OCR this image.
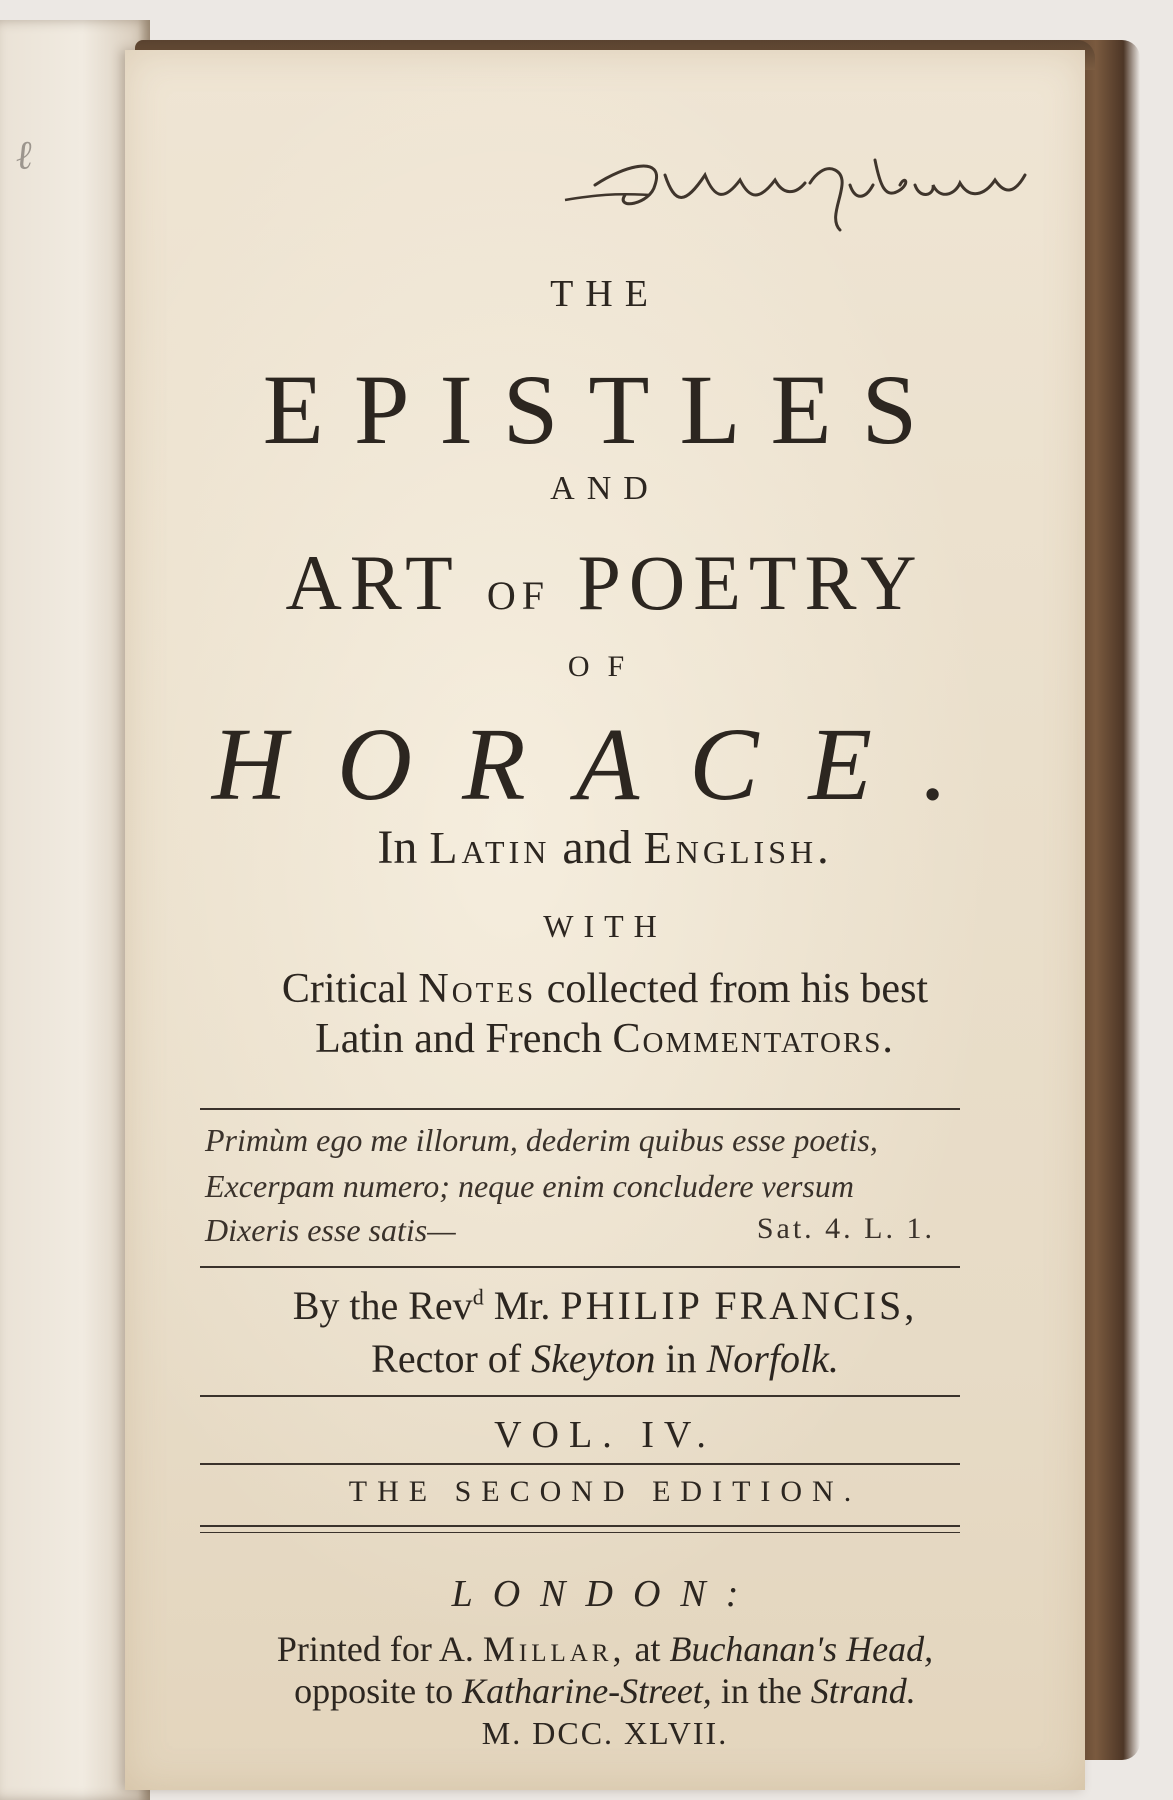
ℓ
THE
EPISTLES
AND
ART OF POETRY
OF
HORACE.
In Latin and English.
WITH
Critical Notes collected from his best
Latin and French Commentators.
Primùm ego me illorum, dederim quibus esse poetis,
Excerpam numero; neque enim concludere versum
Dixeris esse satis—	Sat. 4. L. 1.
By the Rev$^d$ Mr. PHILIP FRANCIS,
Rector of Skeyton in Norfolk.
VOL. IV.
THE SECOND EDITION.
LONDON:
Printed for A. Millar, at Buchanan's Head,
opposite to Katharine-Street, in the Strand.
M. DCC. XLVII.
